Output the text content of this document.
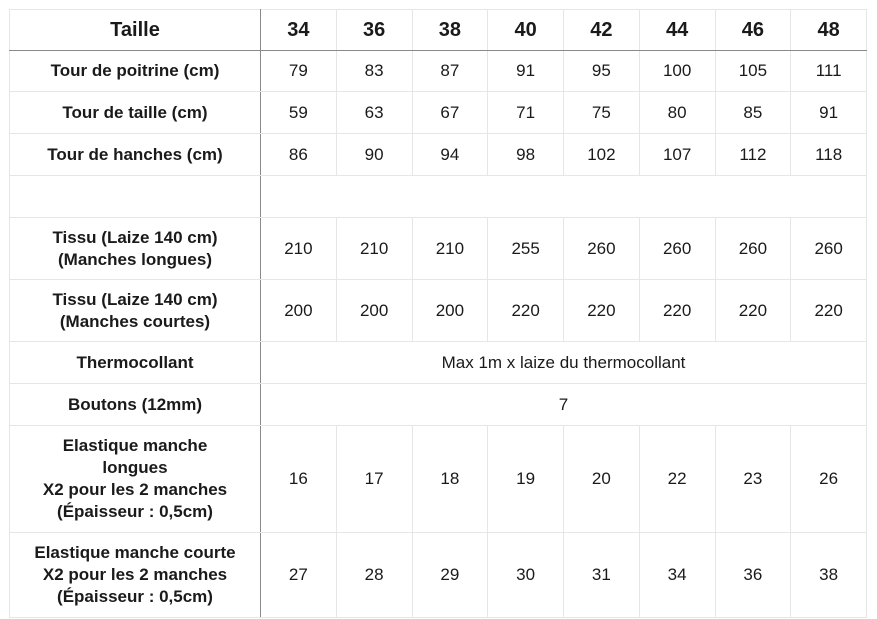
Taille	34	36	38	40	42	44	46	48
Tour de poitrine (cm)	79	83	87	91	95	100	105	111
Tour de taille (cm)	59	63	67	71	75	80	85	91
Tour de hanches (cm)	86	90	94	98	102	107	112	118

Tissu (Laize 140 cm)
(Manches longues)	210	210	210	255	260	260	260	260

Tissu (Laize 140 cm)
(Manches courtes)	200	200	200	220	220	220	220	220
Thermocollant	Max 1m x laize du thermocollant							
Boutons (12mm)	7							

Elastique manche
longues
X2 pour les 2 manches
(Épaisseur : 0,5cm)	16	17	18	19	20	22	23	26

Elastique manche courte
X2 pour les 2 manches
(Épaisseur : 0,5cm)	27	28	29	30	31	34	36	38
